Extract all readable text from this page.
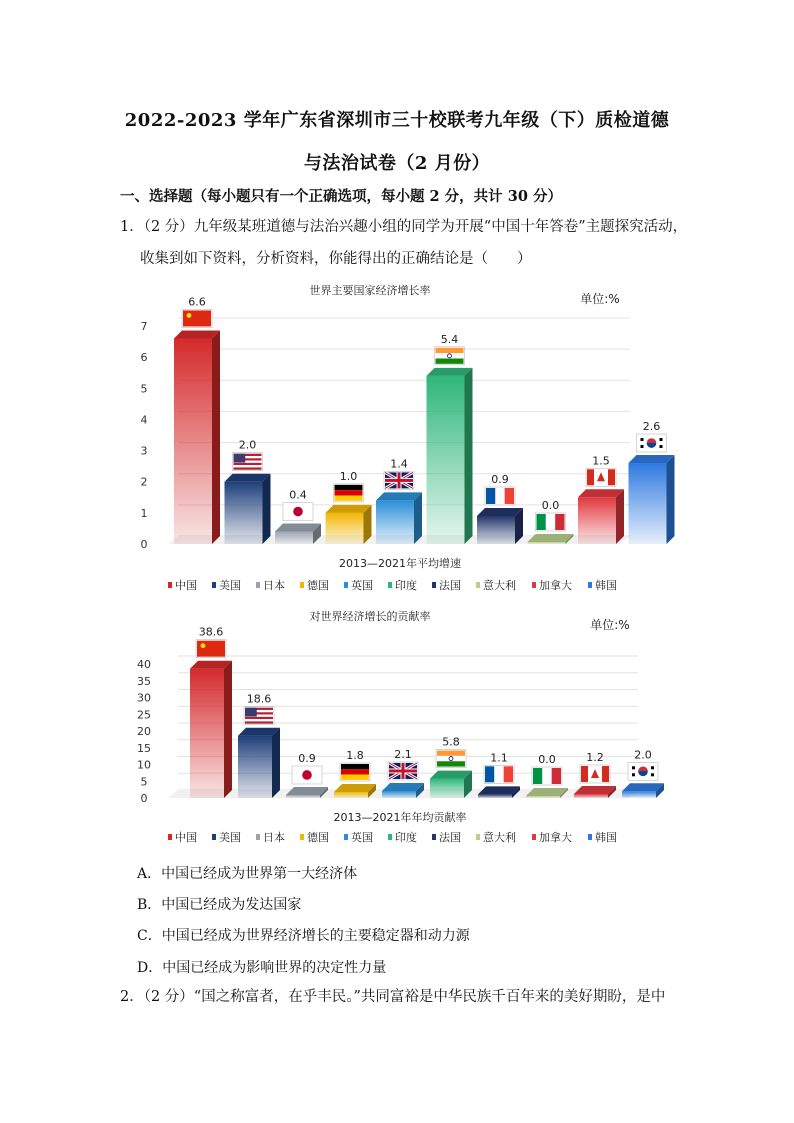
2022-2023 学年广东省深圳市三十校联考九年级（下）质检道德
与法治试卷（2 月份）
一、选择题（每小题只有一个正确选项，每小题 2 分，共计 30 分）
1．（2 分）九年级某班道德与法治兴趣小组的同学为开展“中国十年答卷”主题探究活动，
收集到如下资料，分析资料，你能得出的正确结论是（　　）
世界主要国家经济增长率
单位:%
0
1
2
3
4
5
6
7
6.6
2.0
0.4
1.0
1.4
5.4
0.9
0.0
1.5
2.6
2013—2021年平均增速
中国 美国 日本 德国 英国 印度 法国 意大利 加拿大 韩国
对世界经济增长的贡献率
单位:%
0
5
10
15
20
25
30
35
40
38.6
18.6
0.9	1.8	2.1
5.8
1.1	0.0	1.2	2.0
2013—2021年年均贡献率
中国 美国 日本 德国 英国 印度 法国 意大利 加拿大 韩国
A．中国已经成为世界第一大经济体
B．中国已经成为发达国家
C．中国已经成为世界经济增长的主要稳定器和动力源
D．中国已经成为影响世界的决定性力量
2．（2 分）“国之称富者，在乎丰民。”共同富裕是中华民族千百年来的美好期盼，是中
